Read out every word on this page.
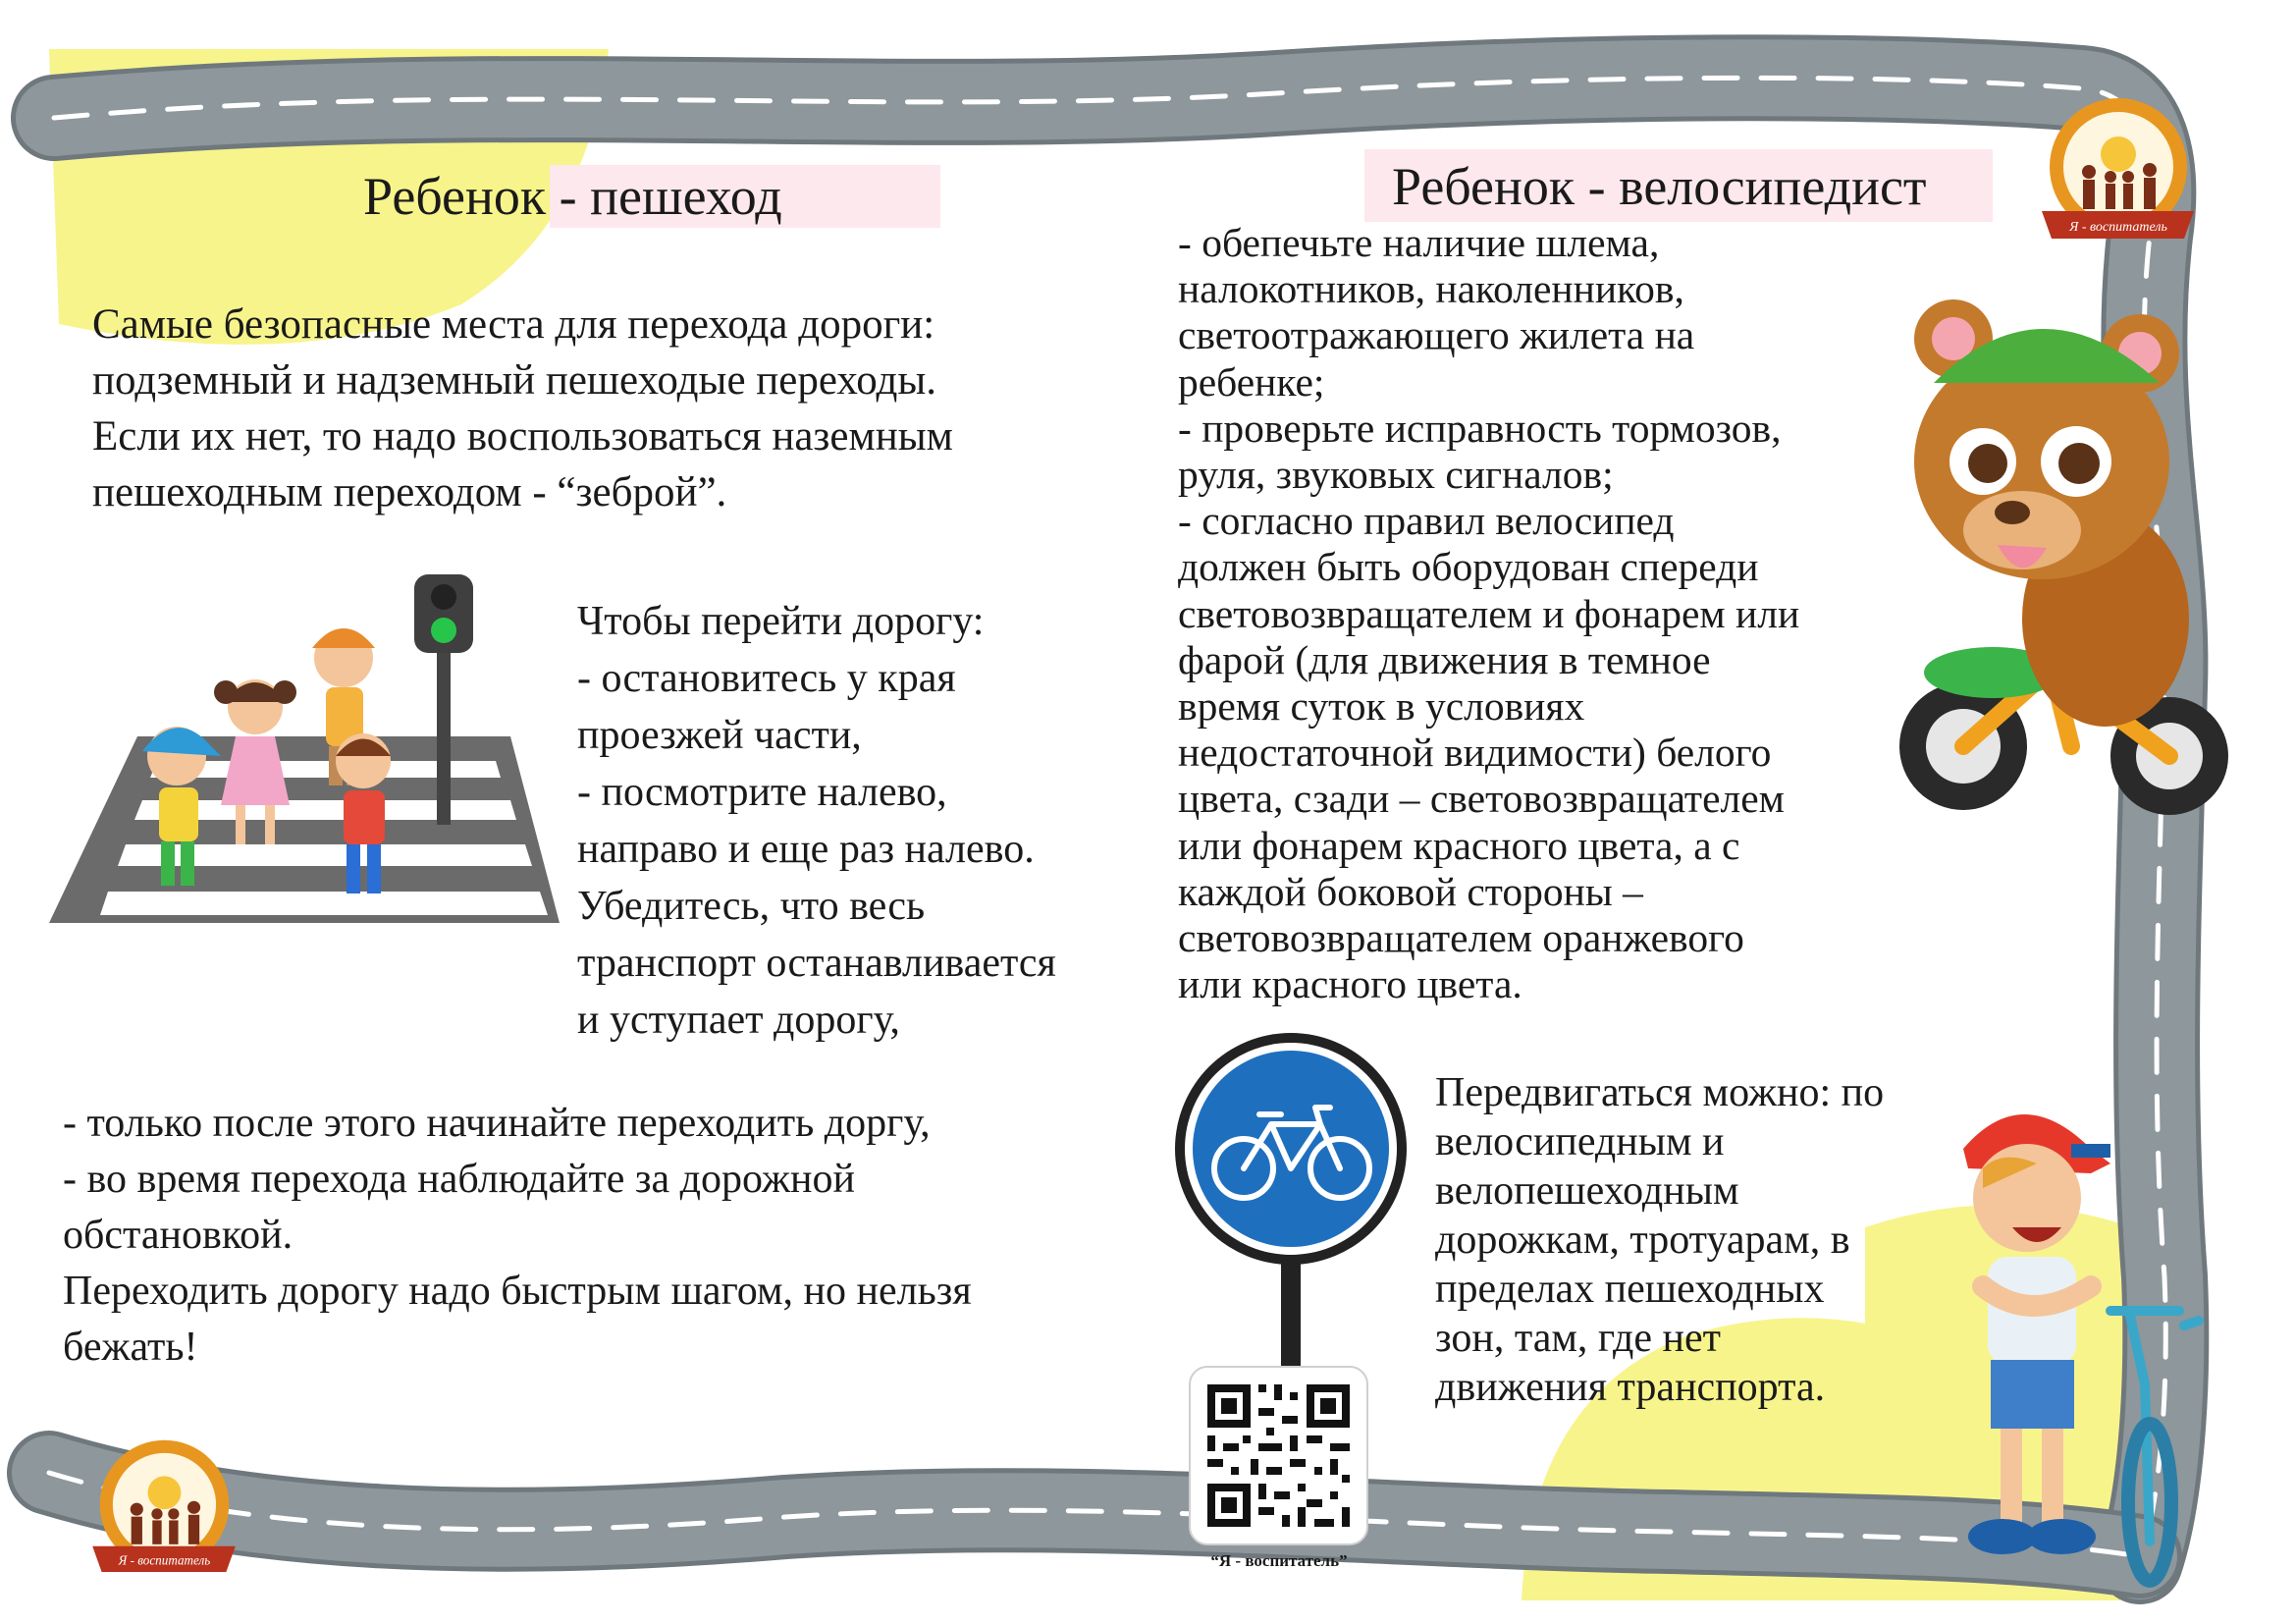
Ребенок - пешеход	Ребенок - велосипедист

Самые безопасные места для перехода дороги:

подземный и надземный пешеходые переходы.

Если их нет, то надо воспользоваться наземным

пешеходным переходом - “зеброй”.

Чтобы перейти дорогу:

- остановитесь у края

проезжей части,

- посмотрите налево,

направо и еще раз налево.

Убедитесь, что весь

транспорт останавливается

и уступает дорогу,

- только после этого начинайте переходить доргу,

- во время перехода наблюдайте за дорожной

обстановкой.

Переходить дорогу надо быстрым шагом, но нельзя

бежать!

- обепечьте наличие шлема,

налокотников, наколенников,

светоотражающего жилета на

ребенке;

- проверьте исправность тормозов,

руля, звуковых сигналов;

- согласно правил велосипед

должен быть оборудован спереди

световозвращателем и фонарем или

фарой (для движения в темное

время суток в условиях

недостаточной видимости) белого

цвета, сзади – световозвращателем

или фонарем красного цвета, а с

каждой боковой стороны –

световозвращателем оранжевого

или красного цвета.

Я - воспитатель
Я - воспитатель	“Я - воспитатель”

Передвигаться можно: по

велосипедным и

велопешеходным

дорожкам, тротуарам, в

пределах пешеходных

зон, там, где нет

движения транспорта.
